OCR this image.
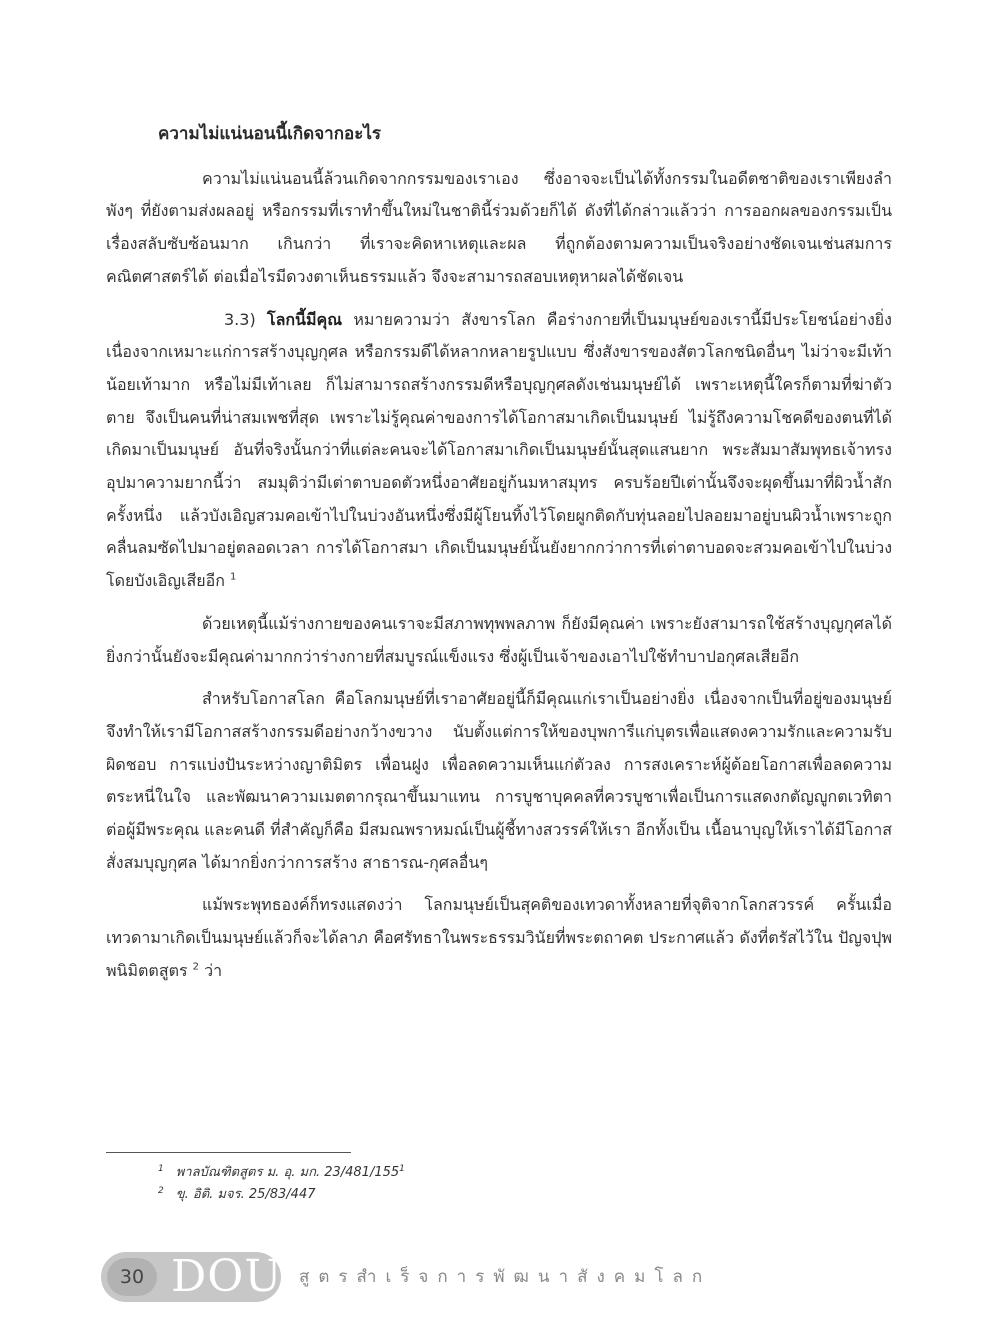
ความไม่แน่นอนนี้เกิดจากอะไร

ความไม่แน่นอนนี้ล้วนเกิดจากกรรมของเราเอง ซึ่งอาจจะเป็นได้ทั้งกรรมในอดีตชาติของเราเพียงลำพังๆ ที่ยังตามส่งผลอยู่ หรือกรรมที่เราทำขึ้นใหม่ในชาตินี้ร่วมด้วยก็ได้ ดังที่ได้กล่าวแล้วว่า การออกผลของกรรมเป็นเรื่องสลับซับซ้อนมาก เกินกว่า ที่เราจะคิดหาเหตุและผล ที่ถูกต้องตามความเป็นจริงอย่างชัดเจนเช่นสมการคณิตศาสตร์ได้ ต่อเมื่อไรมีดวงตาเห็นธรรมแล้ว จึงจะสามารถสอบเหตุหาผลได้ชัดเจน

3.3) โลกนี้มีคุณ หมายความว่า สังขารโลก คือร่างกายที่เป็นมนุษย์ของเรานี้มีประโยชน์อย่างยิ่ง เนื่องจากเหมาะแก่การสร้างบุญกุศล หรือกรรมดีได้หลากหลายรูปแบบ ซึ่งสังขารของสัตวโลกชนิดอื่นๆ ไม่ว่าจะมีเท้าน้อยเท้ามาก หรือไม่มีเท้าเลย ก็ไม่สามารถสร้างกรรมดีหรือบุญกุศลดังเช่นมนุษย์ได้ เพราะเหตุนี้ใครก็ตามที่ฆ่าตัวตาย จึงเป็นคนที่น่าสมเพชที่สุด เพราะไม่รู้คุณค่าของการได้โอกาสมาเกิดเป็นมนุษย์ ไม่รู้ถึงความโชคดีของตนที่ได้เกิดมาเป็นมนุษย์ อันที่จริงนั้นกว่าที่แต่ละคนจะได้โอกาสมาเกิดเป็นมนุษย์นั้นสุดแสนยาก พระสัมมาสัมพุทธเจ้าทรงอุปมาความยากนี้ว่า สมมุติว่ามีเต่าตาบอดตัวหนึ่งอาศัยอยู่ก้นมหาสมุทร ครบร้อยปีเต่านั้นจึงจะผุดขึ้นมาที่ผิวน้ำสักครั้งหนึ่ง แล้วบังเอิญสวมคอเข้าไปในบ่วงอันหนึ่งซึ่งมีผู้โยนทิ้งไว้โดยผูกติดกับทุ่นลอยไปลอยมาอยู่บนผิวน้ำเพราะถูกคลื่นลมซัดไปมาอยู่ตลอดเวลา การได้โอกาสมา เกิดเป็นมนุษย์นั้นยังยากกว่าการที่เต่าตาบอดจะสวมคอเข้าไปในบ่วงโดยบังเอิญเสียอีก $^1$

ด้วยเหตุนี้แม้ร่างกายของคนเราจะมีสภาพทุพพลภาพ ก็ยังมีคุณค่า เพราะยังสามารถใช้สร้างบุญกุศลได้ ยิ่งกว่านั้นยังจะมีคุณค่ามากกว่าร่างกายที่สมบูรณ์แข็งแรง ซึ่งผู้เป็นเจ้าของเอาไปใช้ทำบาปอกุศลเสียอีก

สำหรับโอกาสโลก คือโลกมนุษย์ที่เราอาศัยอยู่นี้ก็มีคุณแก่เราเป็นอย่างยิ่ง เนื่องจากเป็นที่อยู่ของมนุษย์ จึงทำให้เรามีโอกาสสร้างกรรมดีอย่างกว้างขวาง นับตั้งแต่การให้ของบุพการีแก่บุตรเพื่อแสดงความรักและความรับผิดชอบ การแบ่งปันระหว่างญาติมิตร เพื่อนฝูง เพื่อลดความเห็นแก่ตัวลง การสงเคราะห์ผู้ด้อยโอกาสเพื่อลดความตระหนี่ในใจ และพัฒนาความเมตตากรุณาขึ้นมาแทน การบูชาบุคคลที่ควรบูชาเพื่อเป็นการแสดงกตัญญูกตเวทิตาต่อผู้มีพระคุณ และคนดี ที่สำคัญก็คือ มีสมณพราหมณ์เป็นผู้ชี้ทางสวรรค์ให้เรา อีกทั้งเป็น เนื้อนาบุญให้เราได้มีโอกาสสั่งสมบุญกุศล ได้มากยิ่งกว่าการสร้าง สาธารณ-กุศลอื่นๆ

แม้พระพุทธองค์ก็ทรงแสดงว่า โลกมนุษย์เป็นสุคติของเทวดาทั้งหลายที่จุติจากโลกสวรรค์ ครั้นเมื่อเทวดามาเกิดเป็นมนุษย์แล้วก็จะได้ลาภ คือศรัทธาในพระธรรมวินัยที่พระตถาคต ประกาศแล้ว ดังที่ตรัสไว้ใน ปัญจปุพพนิมิตตสูตร $^2$ ว่า

$^1$ พาลบัณฑิตสูตร ม. อุ. มก. $23/481/155^1$
$^2$ ขุ. อิติ. มจร. 25/83/447
30 DOU สูตรสำเร็จการพัฒนาสังคมโลก
